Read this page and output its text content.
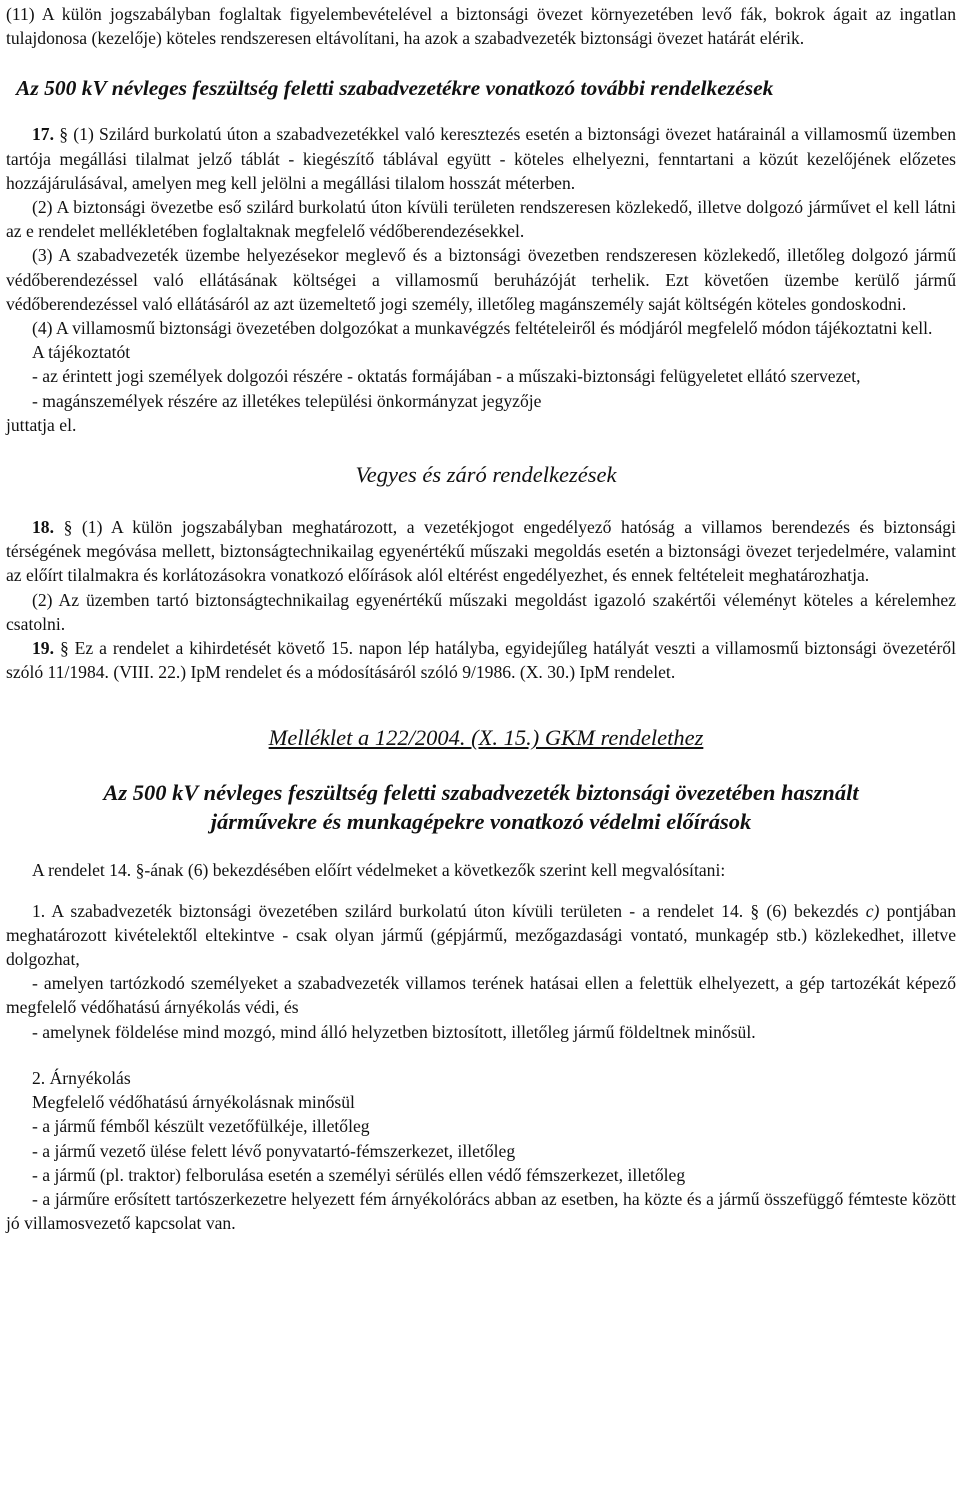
(11) A külön jogszabályban foglaltak figyelembevételével a biztonsági övezet környezetében levő fák, bokrok ágait az ingatlan tulajdonosa (kezelője) köteles rendszeresen eltávolítani, ha azok a szabadvezeték biztonsági övezet határát elérik.

Az 500 kV névleges feszültség feletti szabadvezetékre vonatkozó további rendelkezések

17. § (1) Szilárd burkolatú úton a szabadvezetékkel való keresztezés esetén a biztonsági övezet határainál a villamosmű üzemben tartója megállási tilalmat jelző táblát - kiegészítő táblával együtt - köteles elhelyezni, fenntartani a közút kezelőjének előzetes hozzájárulásával, amelyen meg kell jelölni a megállási tilalom hosszát méterben.

(2) A biztonsági övezetbe eső szilárd burkolatú úton kívüli területen rendszeresen közlekedő, illetve dolgozó járművet el kell látni az e rendelet mellékletében foglaltaknak megfelelő védőberendezésekkel.

(3) A szabadvezeték üzembe helyezésekor meglevő és a biztonsági övezetben rendszeresen közlekedő, illetőleg dolgozó jármű védőberendezéssel való ellátásának költségei a villamosmű beruházóját terhelik. Ezt követően üzembe kerülő jármű védőberendezéssel való ellátásáról az azt üzemeltető jogi személy, illetőleg magánszemély saját költségén köteles gondoskodni.

(4) A villamosmű biztonsági övezetében dolgozókat a munkavégzés feltételeiről és módjáról megfelelő módon tájékoztatni kell.

A tájékoztatót

- az érintett jogi személyek dolgozói részére - oktatás formájában - a műszaki-biztonsági felügyeletet ellátó szervezet,

- magánszemélyek részére az illetékes települési önkormányzat jegyzője

juttatja el.

Vegyes és záró rendelkezések

18. § (1) A külön jogszabályban meghatározott, a vezetékjogot engedélyező hatóság a villamos berendezés és biztonsági térségének megóvása mellett, biztonságtechnikailag egyenértékű műszaki megoldás esetén a biztonsági övezet terjedelmére, valamint az előírt tilalmakra és korlátozásokra vonatkozó előírások alól eltérést engedélyezhet, és ennek feltételeit meghatározhatja.

(2) Az üzemben tartó biztonságtechnikailag egyenértékű műszaki megoldást igazoló szakértői véleményt köteles a kérelemhez csatolni.

19. § Ez a rendelet a kihirdetését követő 15. napon lép hatályba, egyidejűleg hatályát veszti a villamosmű biztonsági övezetéről szóló 11/1984. (VIII. 22.) IpM rendelet és a módosításáról szóló 9/1986. (X. 30.) IpM rendelet.

Melléklet a 122/2004. (X. 15.) GKM rendelethez
Az 500 kV névleges feszültség feletti szabadvezeték biztonsági övezetében használt
járművekre és munkagépekre vonatkozó védelmi előírások

A rendelet 14. §-ának (6) bekezdésében előírt védelmeket a következők szerint kell megvalósítani:

1. A szabadvezeték biztonsági övezetében szilárd burkolatú úton kívüli területen - a rendelet 14. § (6) bekezdés c) pontjában meghatározott kivételektől eltekintve - csak olyan jármű (gépjármű, mezőgazdasági vontató, munkagép stb.) közlekedhet, illetve dolgozhat,

- amelyen tartózkodó személyeket a szabadvezeték villamos terének hatásai ellen a felettük elhelyezett, a gép tartozékát képező megfelelő védőhatású árnyékolás védi, és

- amelynek földelése mind mozgó, mind álló helyzetben biztosított, illetőleg jármű földeltnek minősül.

2. Árnyékolás

Megfelelő védőhatású árnyékolásnak minősül

- a jármű fémből készült vezetőfülkéje, illetőleg

- a jármű vezető ülése felett lévő ponyvatartó-fémszerkezet, illetőleg

- a jármű (pl. traktor) felborulása esetén a személyi sérülés ellen védő fémszerkezet, illetőleg

- a járműre erősített tartószerkezetre helyezett fém árnyékolórács abban az esetben, ha közte és a jármű összefüggő fémteste között jó villamosvezető kapcsolat van.
